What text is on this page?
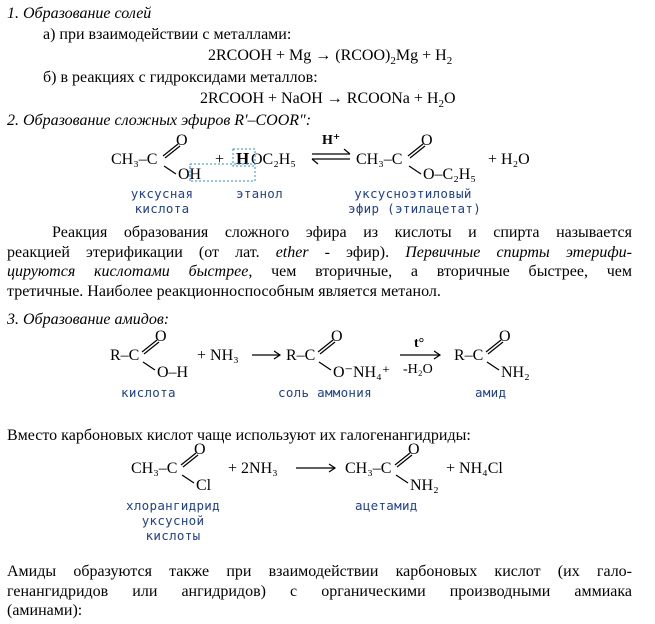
1. Образование солей
а) при взаимодействии с металлами:
2RCOOH + $Mg \to (RCOO)_2Mg + H_2$
б) в реакциях с гидроксидами металлов:
2RCOOH + NaOH → RCOONa + $H_2O$
2. Образование сложных эфиров R'–COOR":
CH₃–C
O
OH
+ H OC₂H₅
H⁺
CH₃–C
O
O–C₂H₅
+ H₂O
уксусная
кислота
этанол	уксусноэтиловый
эфир (этилацетат)
Реакция образования сложного эфира из кислоты и спирта называется
реакцией этерификации (от лат. ether - эфир). Первичные спирты этерифи-
цируются кислотами быстрее, чем вторичные, а вторичные быстрее, чем
третичные. Наиболее реакционноспособным является метанол.
3. Образование амидов:
R–C
O
O–H
+ NH₃	R–C
O
O⁻NH₄⁺
t°
-H₂O
R–C
O
NH₂
кислота	соль аммония	амид
Вместо карбоновых кислот чаще используют их галогенангидриды:
CH₃–C
O
Cl
+ 2NH₃	CH₃–C
O
NH₂
+ NH₄Cl
хлорангидрид
уксусной
кислоты
ацетамид
Амиды образуются также при взаимодействии карбоновых кислот (их гало-
генангидридов или ангидридов) с органическими производными аммиака
(аминами):
